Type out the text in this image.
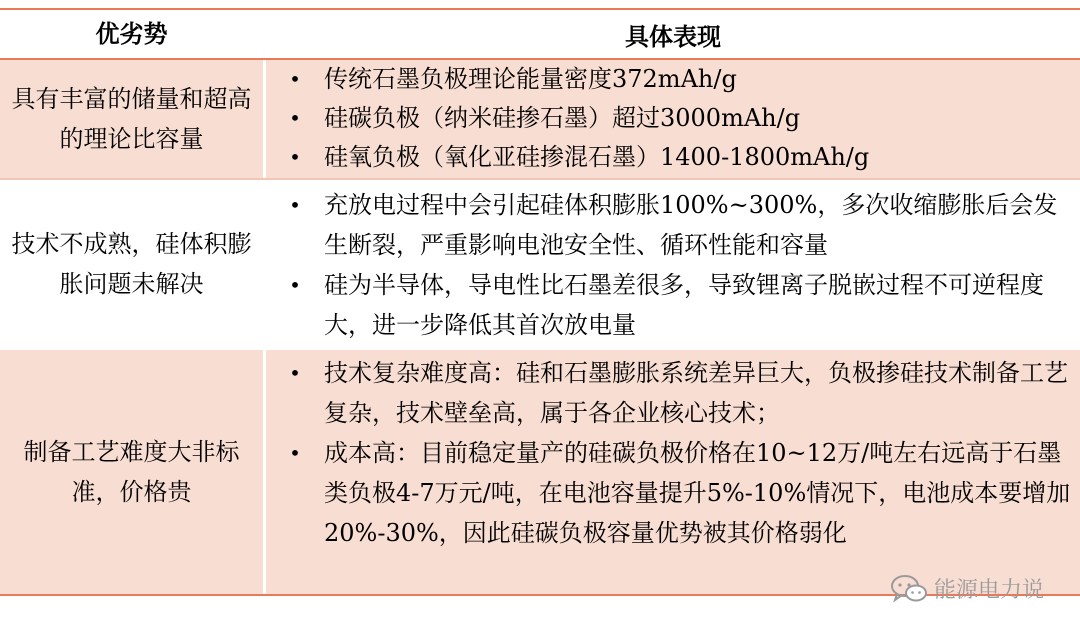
优劣势	具体表现
具有丰富的储量和超高的理论比容量
• 传统石墨负极理论能量密度372mAh/g
• 硅碳负极（纳米硅掺石墨）超过3000mAh/g
• 硅氧负极（氧化亚硅掺混石墨）1400-1800mAh/g
技术不成熟，硅体积膨胀问题未解决
• 充放电过程中会引起硅体积膨胀100%~300%，多次收缩膨胀后会发生断裂，严重影响电池安全性、循环性能和容量
• 硅为半导体，导电性比石墨差很多，导致锂离子脱嵌过程不可逆程度大，进一步降低其首次放电量
制备工艺难度大非标准，价格贵
• 技术复杂难度高：硅和石墨膨胀系统差异巨大，负极掺硅技术制备工艺复杂，技术壁垒高，属于各企业核心技术；
• 成本高：目前稳定量产的硅碳负极价格在10~12万/吨左右远高于石墨类负极4-7万元/吨，在电池容量提升5%-10%情况下，电池成本要增加20%-30%，因此硅碳负极容量优势被其价格弱化
能源电力说
